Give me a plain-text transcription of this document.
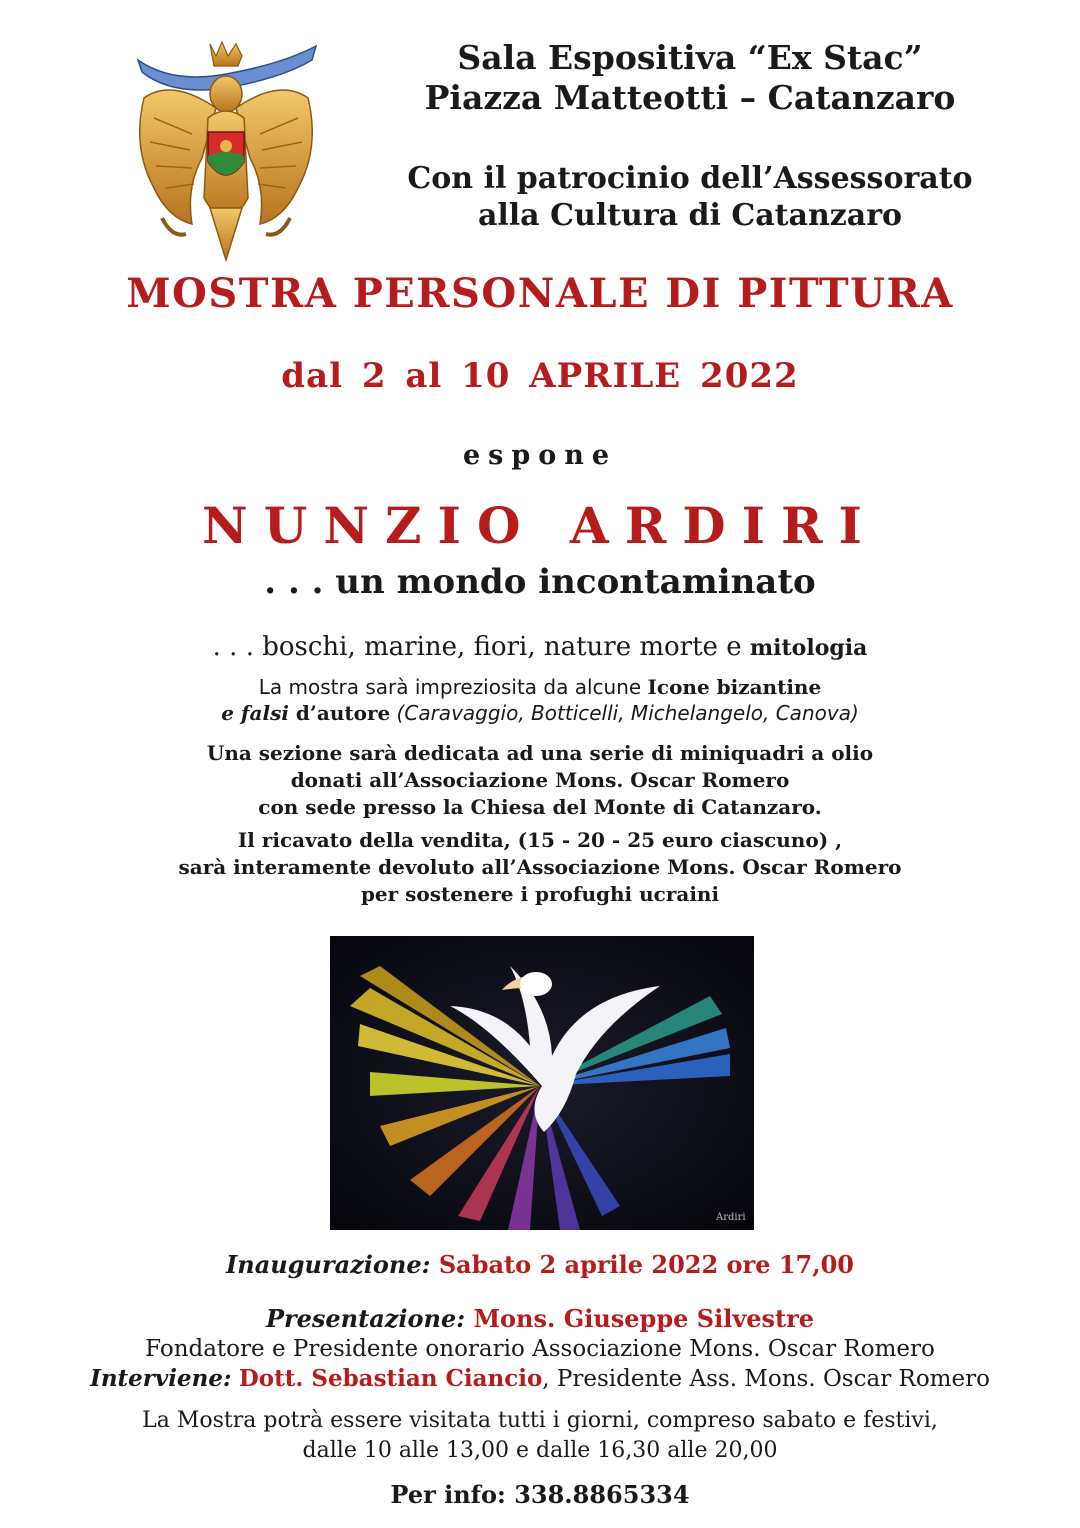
Sala Espositiva “Ex Stac”
Piazza Matteotti – Catanzaro
Con il patrocinio dell’Assessorato
alla Cultura di Catanzaro
MOSTRA PERSONALE DI PITTURA
dal 2 al 10 APRILE 2022
espone
NUNZIO ARDIRI
. . . un mondo incontaminato
. . . boschi, marine, fiori, nature morte e mitologia
La mostra sarà impreziosita da alcune Icone bizantine
e falsi d’autore (Caravaggio, Botticelli, Michelangelo, Canova)
Una sezione sarà dedicata ad una serie di miniquadri a olio
donati all’Associazione Mons. Oscar Romero
con sede presso la Chiesa del Monte di Catanzaro.
Il ricavato della vendita, (15 - 20 - 25 euro ciascuno) ,
sarà interamente devoluto all’Associazione Mons. Oscar Romero
per sostenere i profughi ucraini
Ardiri
Inaugurazione: Sabato 2 aprile 2022 ore 17,00
Presentazione: Mons. Giuseppe Silvestre
Fondatore e Presidente onorario Associazione Mons. Oscar Romero
Interviene: Dott. Sebastian Ciancio, Presidente Ass. Mons. Oscar Romero
La Mostra potrà essere visitata tutti i giorni, compreso sabato e festivi,
dalle 10 alle 13,00 e dalle 16,30 alle 20,00
Per info: 338.8865334
